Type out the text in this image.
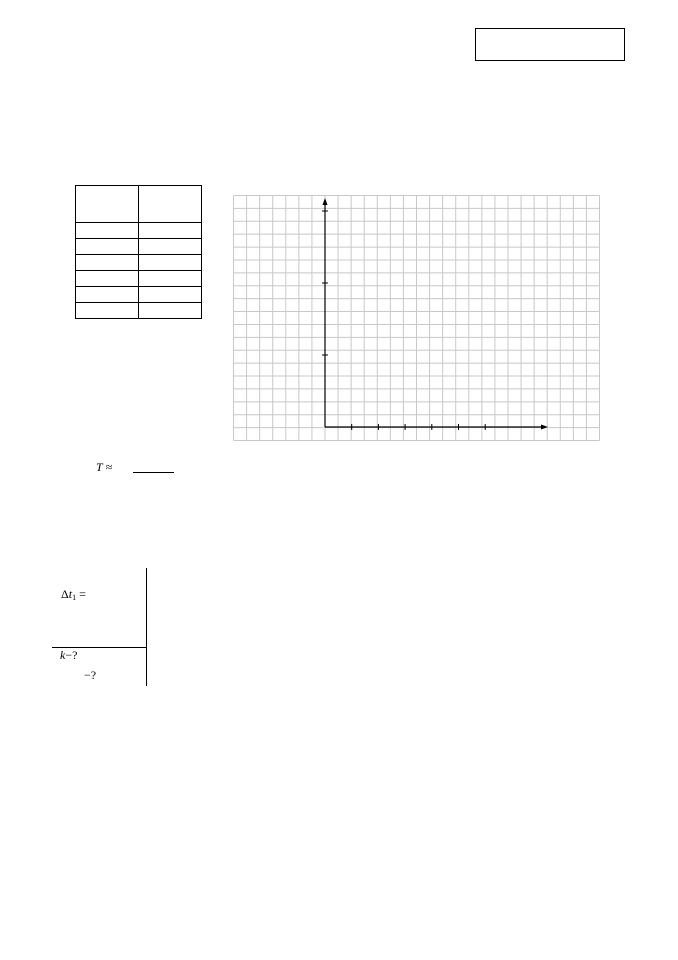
T ≈
$\Delta t_1$ =
k−?
−?
